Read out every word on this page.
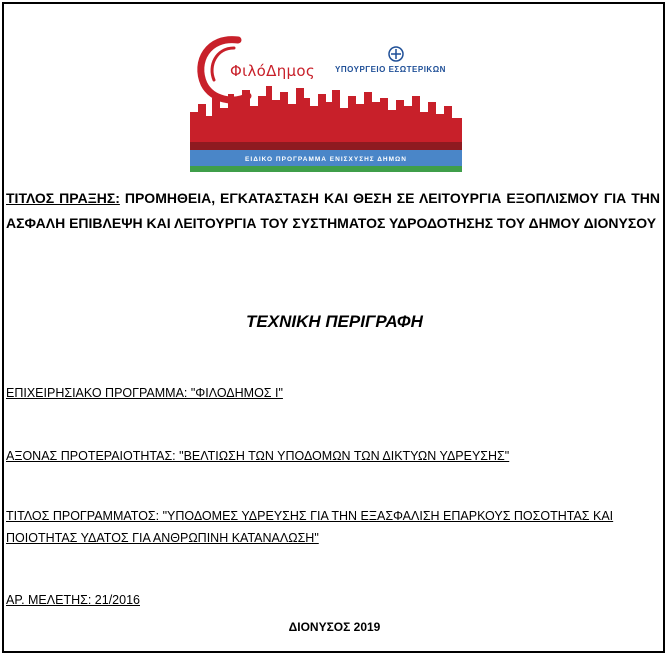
ΦιλόΔημος	ΥΠΟΥΡΓΕΙΟ ΕΣΩΤΕΡΙΚΩΝ
ΕΙΔΙΚΟ ΠΡΟΓΡΑΜΜΑ ΕΝΙΣΧΥΣΗΣ ΔΗΜΩΝ
ΤΙΤΛΟΣ ΠΡΑΞΗΣ: ΠΡΟΜΗΘΕΙΑ, ΕΓΚΑΤΑΣΤΑΣΗ ΚΑΙ ΘΕΣΗ ΣΕ ΛΕΙΤΟΥΡΓΙΑ ΕΞΟΠΛΙΣΜΟΥ ΓΙΑ ΤΗΝ ΑΣΦΑΛΗ ΕΠΙΒΛΕΨΗ ΚΑΙ ΛΕΙΤΟΥΡΓΙΑ ΤΟΥ ΣΥΣΤΗΜΑΤΟΣ ΥΔΡΟΔΟΤΗΣΗΣ ΤΟΥ ΔΗΜΟΥ ΔΙΟΝΥΣΟΥ
ΤΕΧΝΙΚΗ ΠΕΡΙΓΡΑΦΗ
ΕΠΙΧΕΙΡΗΣΙΑΚΟ ΠΡΟΓΡΑΜΜΑ: "ΦΙΛΟΔΗΜΟΣ Ι"
ΑΞΟΝΑΣ ΠΡΟΤΕΡΑΙΟΤΗΤΑΣ: "ΒΕΛΤΙΩΣΗ ΤΩΝ ΥΠΟΔΟΜΩΝ ΤΩΝ ΔΙΚΤΥΩΝ ΥΔΡΕΥΣΗΣ"
ΤΙΤΛΟΣ ΠΡΟΓΡΑΜΜΑΤΟΣ: "ΥΠΟΔΟΜΕΣ ΥΔΡΕΥΣΗΣ ΓΙΑ ΤΗΝ ΕΞΑΣΦΑΛΙΣΗ ΕΠΑΡΚΟΥΣ ΠΟΣΟΤΗΤΑΣ ΚΑΙ ΠΟΙΟΤΗΤΑΣ ΥΔΑΤΟΣ ΓΙΑ ΑΝΘΡΩΠΙΝΗ ΚΑΤΑΝΑΛΩΣΗ"
ΑΡ. ΜΕΛΕΤΗΣ: 21/2016
ΔΙΟΝΥΣΟΣ 2019
